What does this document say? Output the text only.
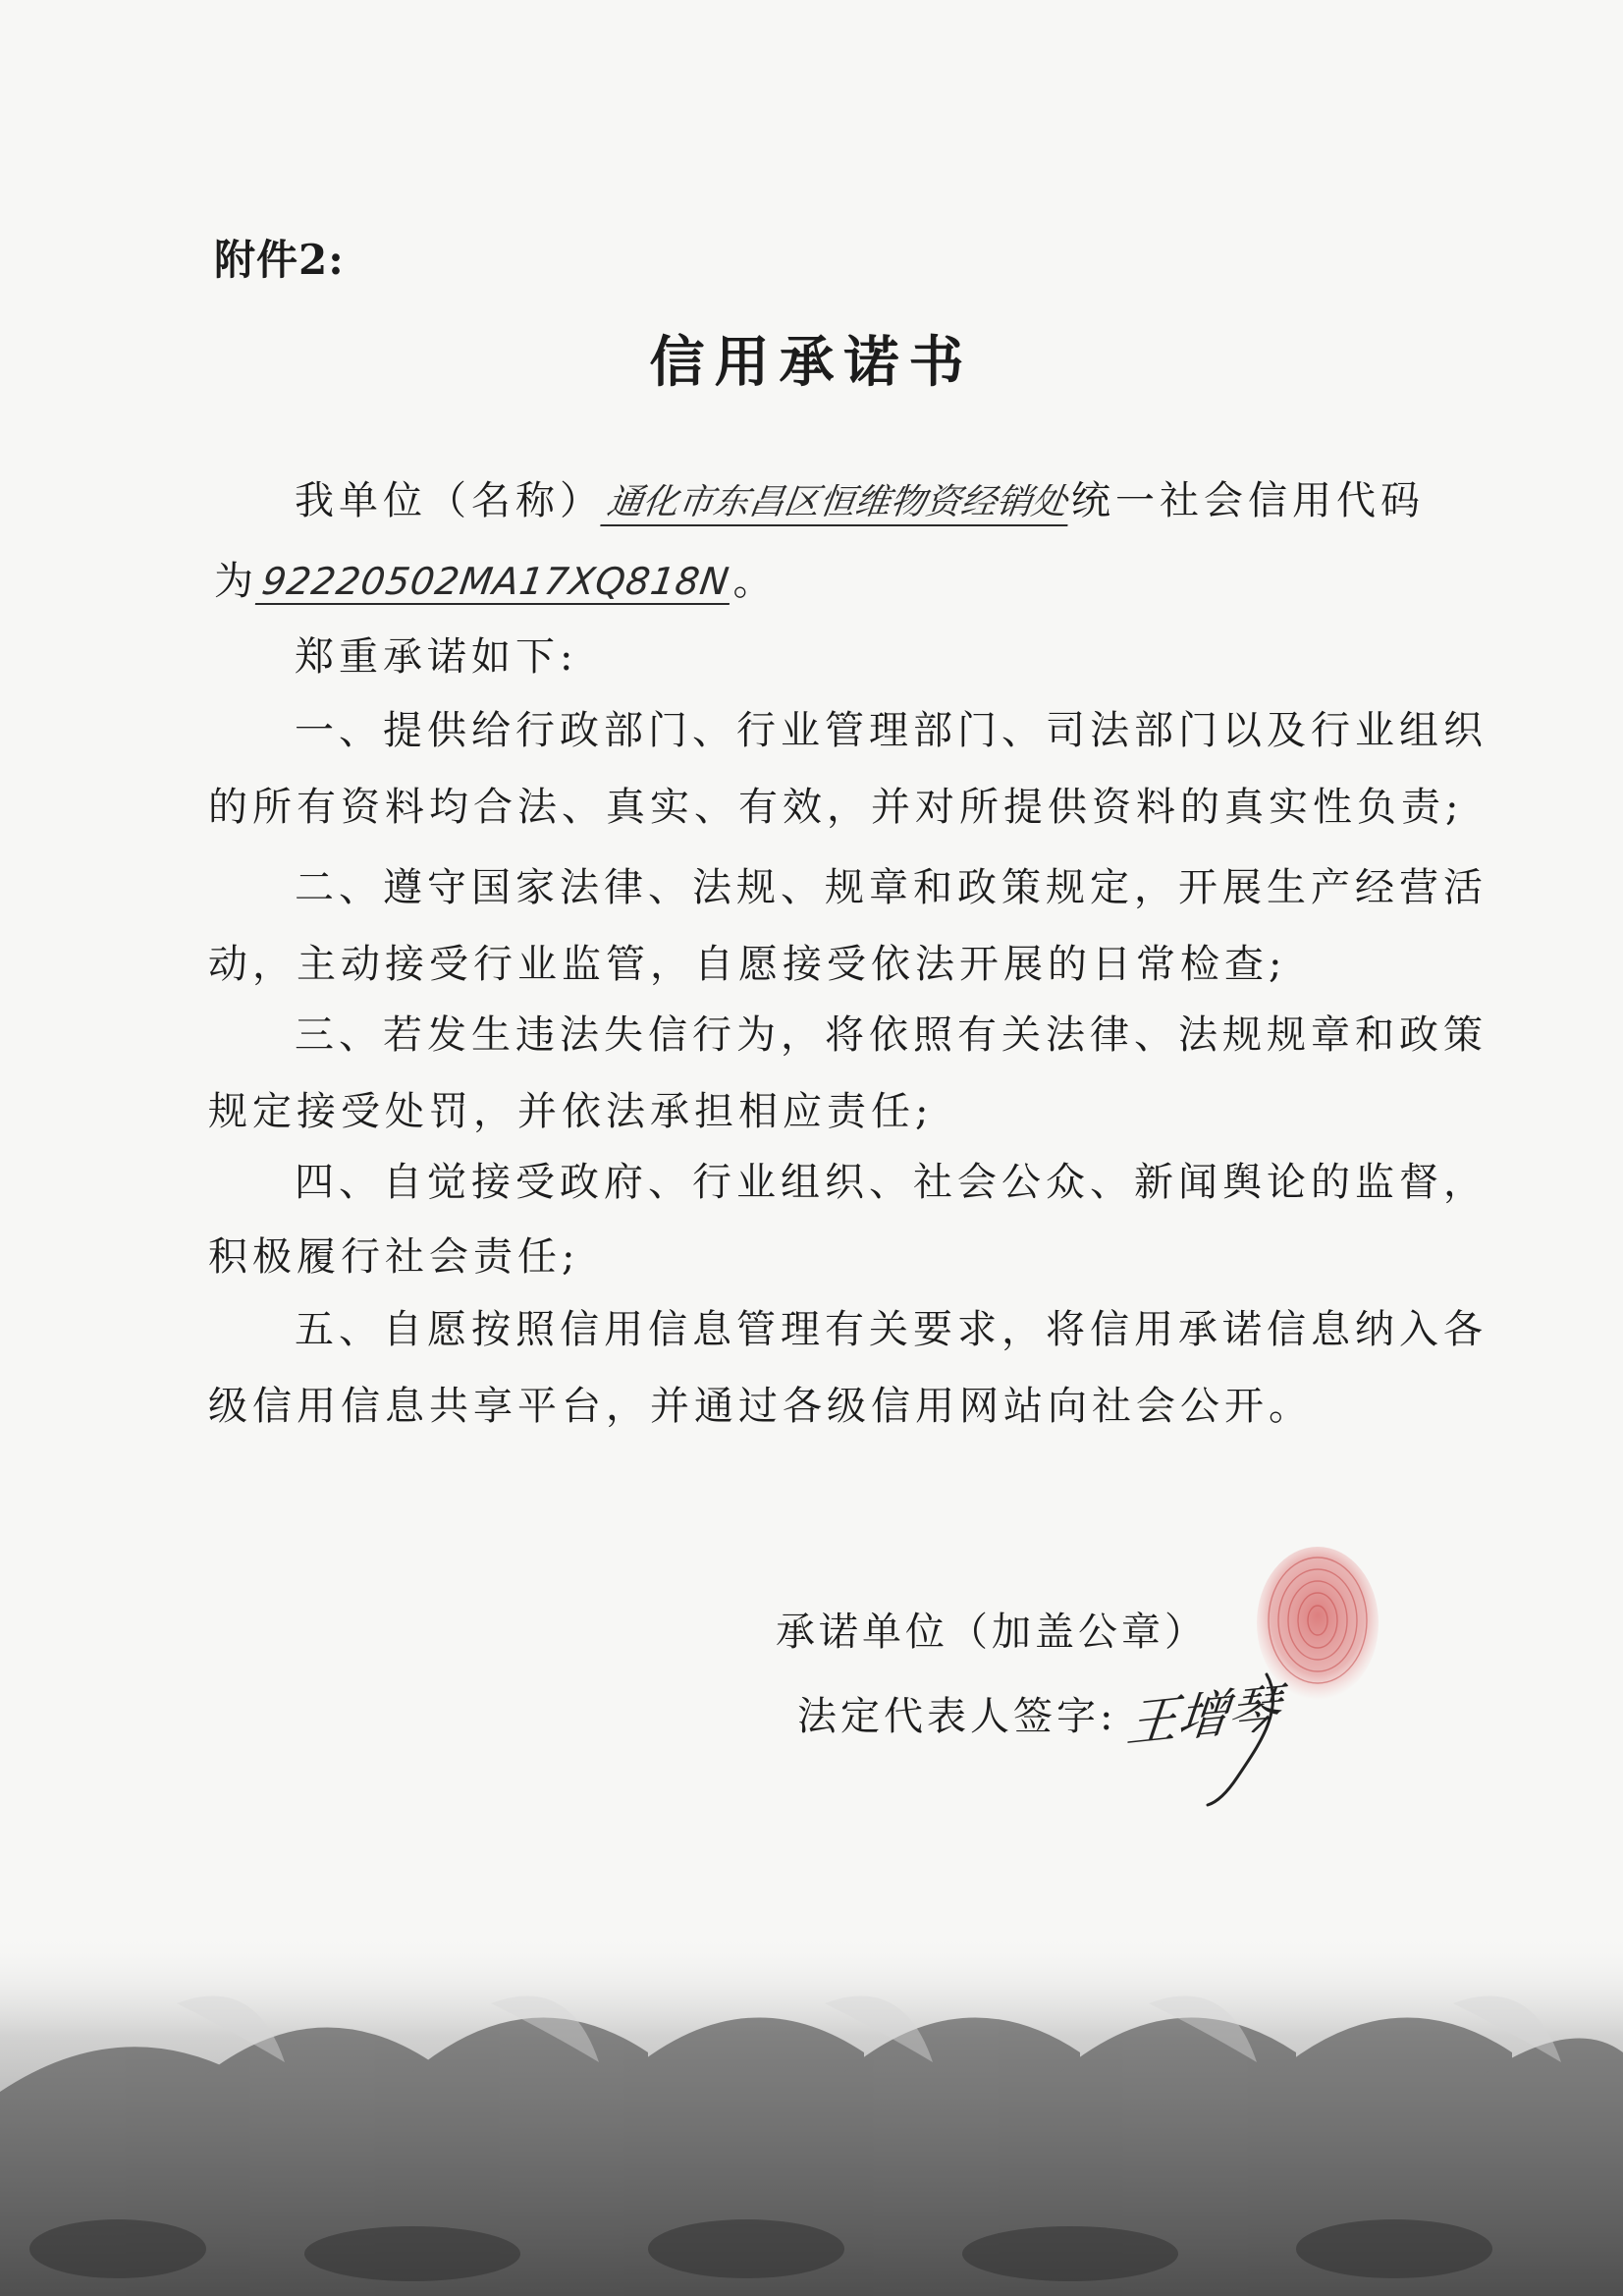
附件2:
信用承诺书
我单位（名称）通化市东昌区恒维物资经销处统一社会信用代码
为92220502MA17XQ818N。
郑重承诺如下:
一、提供给行政部门、行业管理部门、司法部门以及行业组织
的所有资料均合法、真实、有效，并对所提供资料的真实性负责;
二、遵守国家法律、法规、规章和政策规定，开展生产经营活
动，主动接受行业监管，自愿接受依法开展的日常检查;
三、若发生违法失信行为，将依照有关法律、法规规章和政策
规定接受处罚，并依法承担相应责任;
四、自觉接受政府、行业组织、社会公众、新闻舆论的监督，
积极履行社会责任;
五、自愿按照信用信息管理有关要求，将信用承诺信息纳入各
级信用信息共享平台，并通过各级信用网站向社会公开。
承诺单位（加盖公章）
法定代表人签字: 王增琴
